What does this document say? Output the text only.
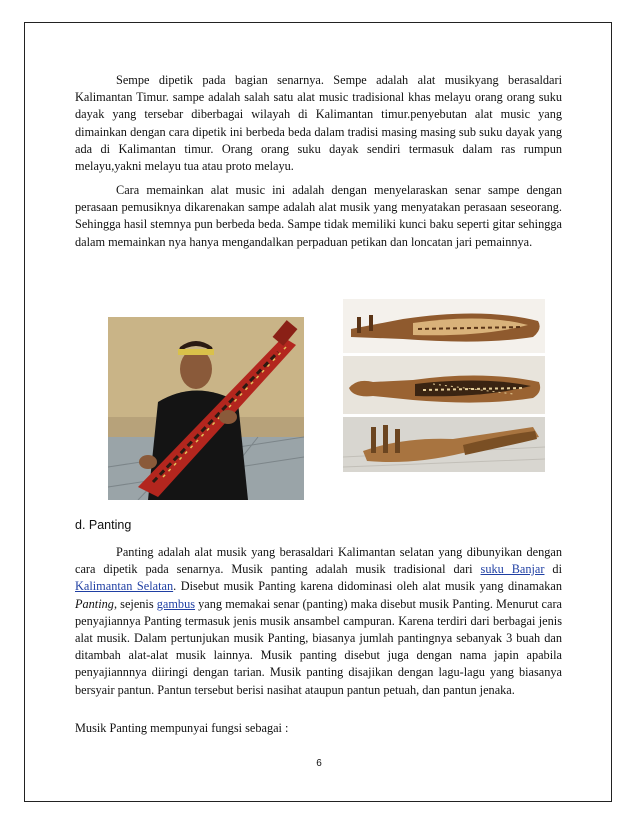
Sempe dipetik pada bagian senarnya. Sempe adalah alat musikyang berasaldari Kalimantan Timur. sampe adalah salah satu alat music tradisional khas melayu orang orang suku dayak yang tersebar diberbagai wilayah di Kalimantan timur.penyebutan alat music yang dimainkan dengan cara dipetik ini berbeda beda dalam tradisi masing masing sub suku dayak yang ada di Kalimantan timur. Orang orang suku dayak sendiri termasuk dalam ras rumpun melayu,yakni melayu tua atau proto melayu.

Cara memainkan alat music ini adalah dengan menyelaraskan senar sampe dengan perasaan pemusiknya dikarenakan sampe adalah alat musik yang menyatakan perasaan seseorang. Sehingga hasil stemnya pun berbeda beda. Sampe tidak memiliki kunci baku seperti gitar sehingga dalam memainkan nya hanya mengandalkan perpaduan petikan dan loncatan jari pemainnya.

d. Panting

Panting adalah alat musik yang berasaldari Kalimantan selatan yang dibunyikan dengan cara dipetik pada senarnya. Musik panting adalah musik tradisional dari suku Banjar di Kalimantan Selatan. Disebut musik Panting karena didominasi oleh alat musik yang dinamakan Panting, sejenis gambus yang memakai senar (panting) maka disebut musik Panting. Menurut cara penyajiannya Panting termasuk jenis musik ansambel campuran. Karena terdiri dari berbagai jenis alat musik. Dalam pertunjukan musik Panting, biasanya jumlah pantingnya sebanyak 3 buah dan ditambah alat-alat musik lainnya. Musik panting disebut juga dengan nama japin apabila penyajiannnya diiringi dengan tarian. Musik panting disajikan dengan lagu-lagu yang biasanya bersyair pantun. Pantun tersebut berisi nasihat ataupun pantun petuah, dan pantun jenaka.

Musik Panting mempunyai fungsi sebagai :

6
